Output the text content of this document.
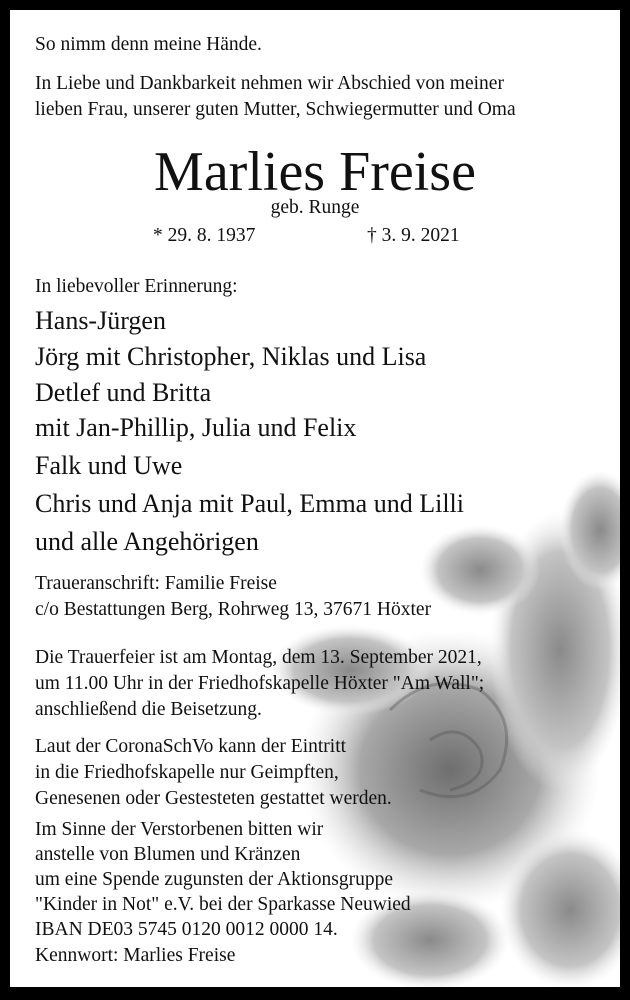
So nimm denn meine Hände.
In Liebe und Dankbarkeit nehmen wir Abschied von meiner
lieben Frau, unserer guten Mutter, Schwiegermutter und Oma
Marlies Freise
geb. Runge
* 29. 8. 1937	† 3. 9. 2021
In liebevoller Erinnerung:
Hans-Jürgen
Jörg mit Christopher, Niklas und Lisa
Detlef und Britta
mit Jan-Phillip, Julia und Felix
Falk und Uwe
Chris und Anja mit Paul, Emma und Lilli
und alle Angehörigen
Traueranschrift: Familie Freise
c/o Bestattungen Berg, Rohrweg 13, 37671 Höxter
Die Trauerfeier ist am Montag, dem 13. September 2021,
um 11.00 Uhr in der Friedhofskapelle Höxter "Am Wall";
anschließend die Beisetzung.
Laut der CoronaSchVo kann der Eintritt
in die Friedhofskapelle nur Geimpften,
Genesenen oder Gestesteten gestattet werden.
Im Sinne der Verstorbenen bitten wir
anstelle von Blumen und Kränzen
um eine Spende zugunsten der Aktionsgruppe
"Kinder in Not" e.V. bei der Sparkasse Neuwied
IBAN DE03 5745 0120 0012 0000 14.
Kennwort: Marlies Freise
